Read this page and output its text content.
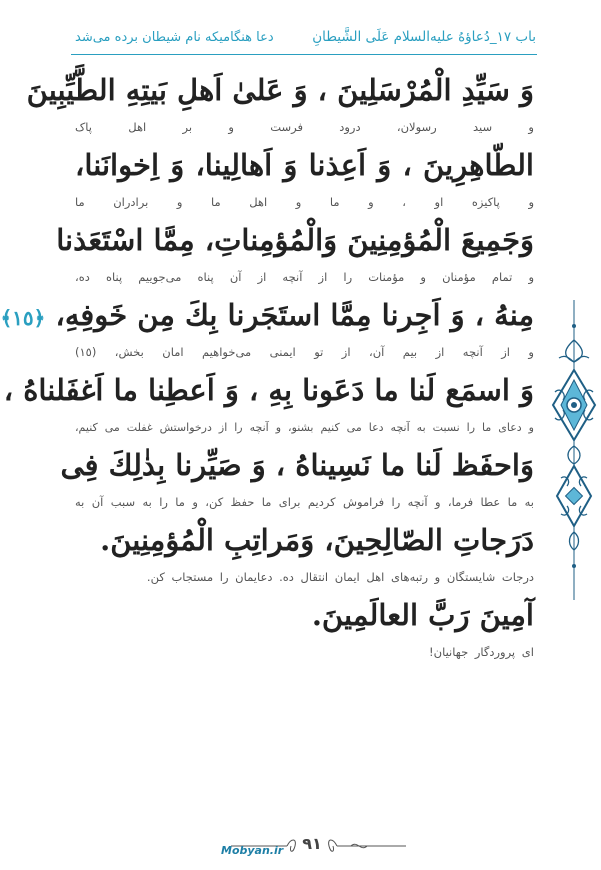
باب ١٧_دُعاؤهُ عليه‌السلام عَلَى الشَّيطانِ
دعا هنگامیکه نام شیطان برده می‌شد
وَ سَیِّدِ الْمُرْسَلِینَ ، وَ عَلیٰ اَهلِ بَیتِهِ الطَّیِّبِینَ
و سید رسولان، درود فرست و بر اهل پاک
الطّاهِرِینَ ، وَ اَعِذنا وَ اَهالِینا، وَ اِخوانَنا،
و پاکیزه او ، و ما و اهل ما و برادران ما
وَجَمِیعَ الْمُؤمِنِینَ وَالْمُؤمِناتِ، مِمَّا اسْتَعَذنا
و تمام مؤمنان و مؤمنات را از آنچه از آن پناه می‌جوییم پناه ده،
مِنهُ ، وَ اَجِرنا مِمَّا استَجَرنا بِكَ مِن خَوفِهِ، ﴿١٥﴾
و از آنچه از بیم آن، از تو ایمنی می‌خواهیم امان بخش، (١٥)
وَ اسمَع لَنا ما دَعَونا بِهِ ، وَ اَعطِنا ما اَغفَلناهُ ،
و دعای ما را نسبت به آنچه دعا می کنیم بشنو، و آنچه را از درخواستش غفلت می کنیم،
وَاحفَظ لَنا ما نَسِیناهُ ، وَ صَیِّرنا بِذٰلِكَ فِی
به ما عطا فرما، و آنچه را فراموش کردیم برای ما حفظ کن، و ما را به سبب آن به
دَرَجاتِ الصّالِحِینَ، وَمَراتِبِ الْمُؤمِنِینَ.
درجات شایستگان و رتبه‌های اهل ایمان انتقال ده. دعایمان را مستجاب کن.
آمِینَ رَبَّ العالَمِینَ.
ای پروردگار جهانیان!
٩١
Mobyan.ir
